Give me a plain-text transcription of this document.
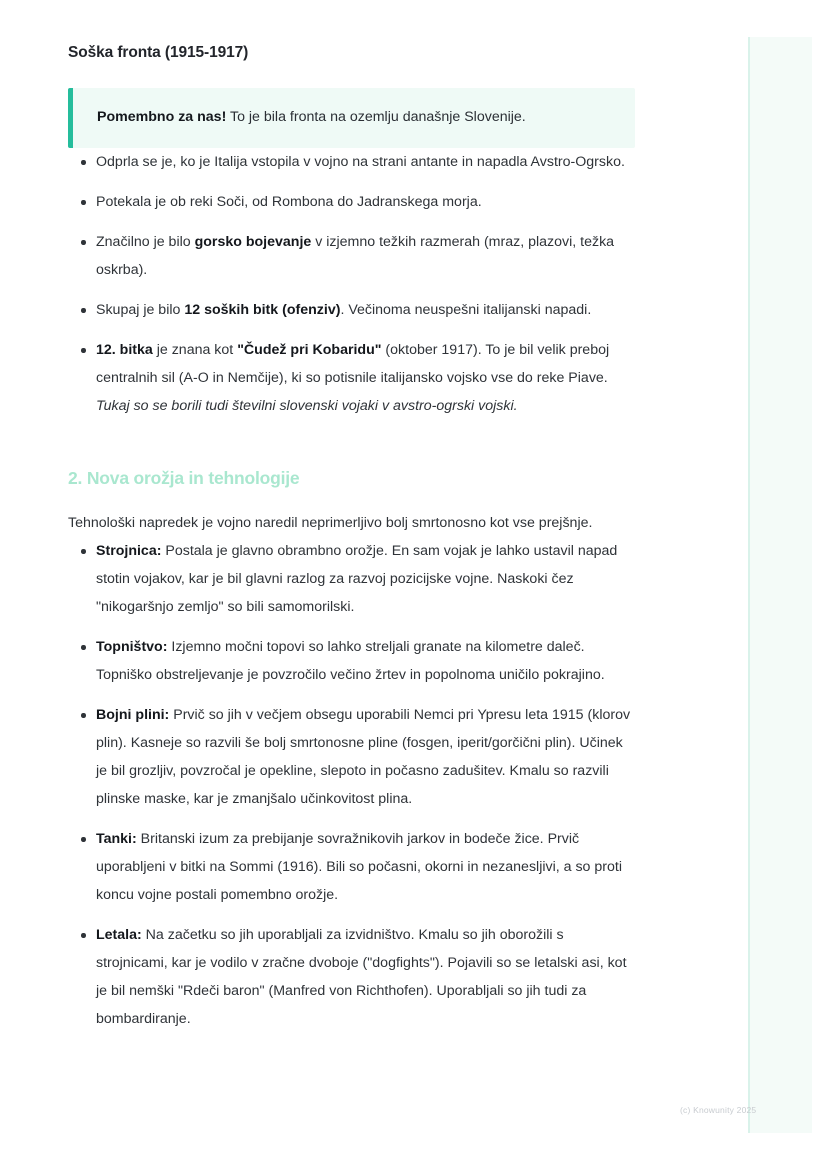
Soška fronta (1915-1917)

Pomembno za nas! To je bila fronta na ozemlju današnje Slovenije.

Odprla se je, ko je Italija vstopila v vojno na strani antante in napadla Avstro-Ogrsko.
Potekala je ob reki Soči, od Rombona do Jadranskega morja.
Značilno je bilo gorsko bojevanje v izjemno težkih razmerah (mraz, plazovi, težka oskrba).
Skupaj je bilo 12 soških bitk (ofenziv). Večinoma neuspešni italijanski napadi.
12. bitka je znana kot "Čudež pri Kobaridu" (oktober 1917). To je bil velik preboj centralnih sil (A-O in Nemčije), ki so potisnile italijansko vojsko vse do reke Piave. Tukaj so se borili tudi številni slovenski vojaki v avstro-ogrski vojski.
2. Nova orožja in tehnologije

Tehnološki napredek je vojno naredil neprimerljivo bolj smrtonosno kot vse prejšnje.

Strojnica: Postala je glavno obrambno orožje. En sam vojak je lahko ustavil napad stotin vojakov, kar je bil glavni razlog za razvoj pozicijske vojne. Naskoki čez "nikogaršnjo zemljo" so bili samomorilski.
Topništvo: Izjemno močni topovi so lahko streljali granate na kilometre daleč. Topniško obstreljevanje je povzročilo večino žrtev in popolnoma uničilo pokrajino.
Bojni plini: Prvič so jih v večjem obsegu uporabili Nemci pri Ypresu leta 1915 (klorov plin). Kasneje so razvili še bolj smrtonosne pline (fosgen, iperit/gorčični plin). Učinek je bil grozljiv, povzročal je opekline, slepoto in počasno zadušitev. Kmalu so razvili plinske maske, kar je zmanjšalo učinkovitost plina.
Tanki: Britanski izum za prebijanje sovražnikovih jarkov in bodeče žice. Prvič uporabljeni v bitki na Sommi (1916). Bili so počasni, okorni in nezanesljivi, a so proti koncu vojne postali pomembno orožje.
Letala: Na začetku so jih uporabljali za izvidništvo. Kmalu so jih oborožili s strojnicami, kar je vodilo v zračne dvoboje ("dogfights"). Pojavili so se letalski asi, kot je bil nemški "Rdeči baron" (Manfred von Richthofen). Uporabljali so jih tudi za bombardiranje.
(c) Knowunity 2025
